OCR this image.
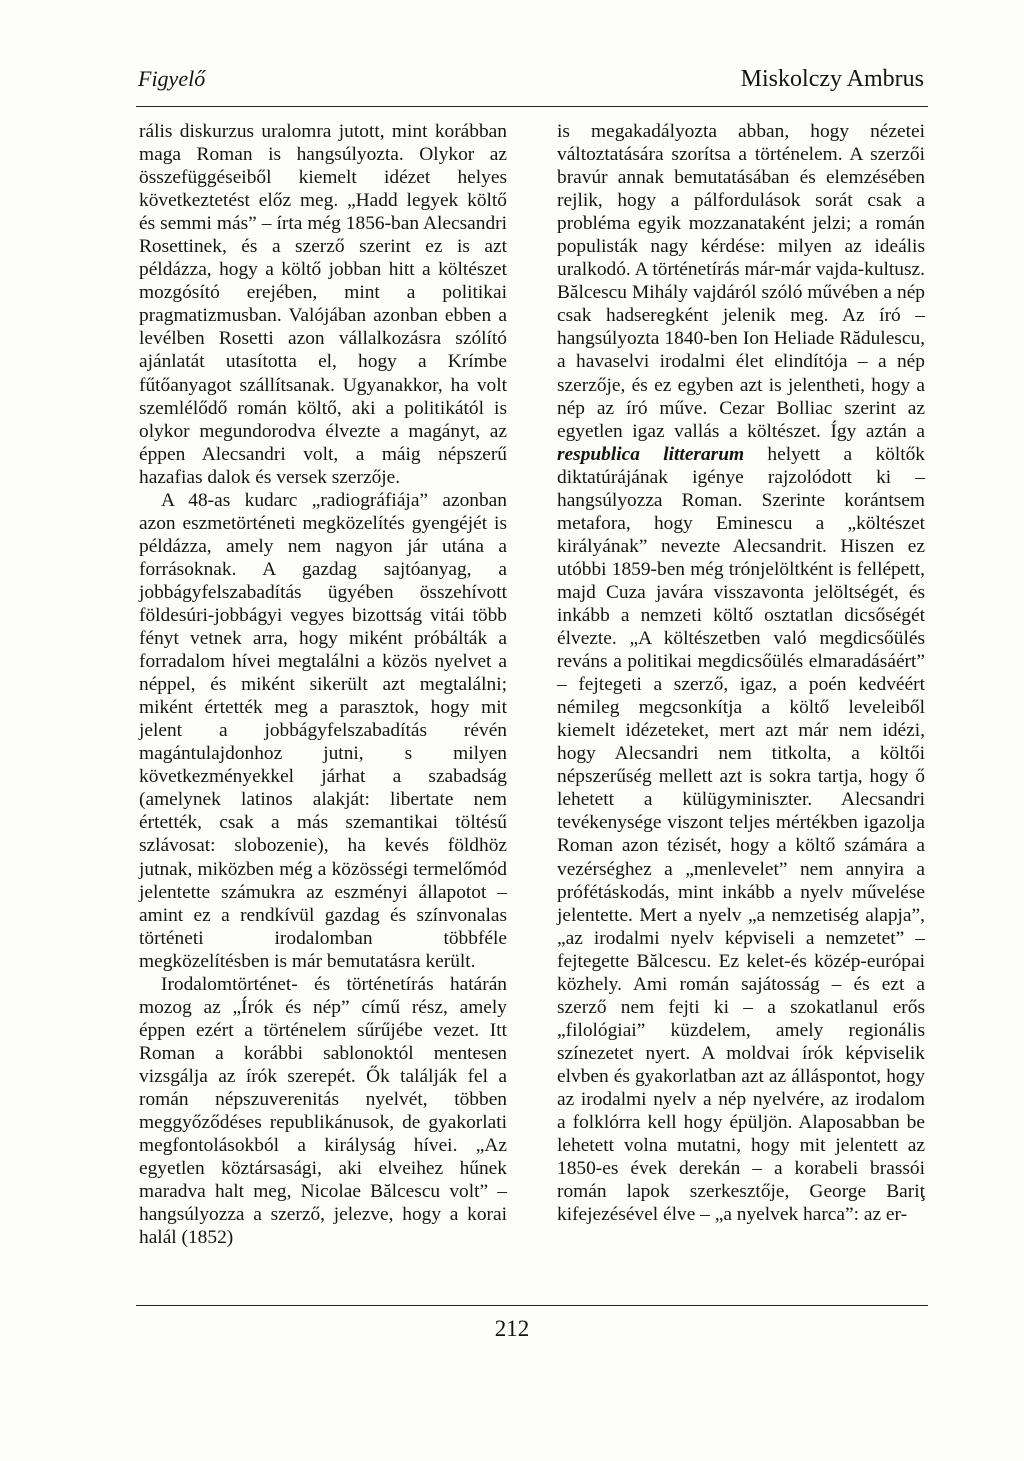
Figyelő	Miskolczy Ambrus

rális diskurzus uralomra jutott, mint korábban maga Roman is hangsúlyozta. Olykor az összefüggéseiből kiemelt idézet helyes következtetést előz meg. „Hadd legyek költő és semmi más” – írta még 1856-ban Alecsandri Rosettinek, és a szerző szerint ez is azt példázza, hogy a költő jobban hitt a költészet mozgósító erejében, mint a politikai pragmatizmusban. Valójában azonban ebben a levélben Rosetti azon vállalkozásra szólító ajánlatát utasította el, hogy a Krímbe fűtőanyagot szállítsanak. Ugyanakkor, ha volt szemlélődő román költő, aki a politikától is olykor megundorodva élvezte a magányt, az éppen Alecsandri volt, a máig népszerű hazafias dalok és versek szerzője.

A 48-as kudarc „radiográfiája” azonban azon eszmetörténeti megközelítés gyengéjét is példázza, amely nem nagyon jár utána a forrásoknak. A gazdag sajtóanyag, a jobbágyfelszabadítás ügyében összehívott földesúri-jobbágyi vegyes bizottság vitái több fényt vetnek arra, hogy miként próbálták a forradalom hívei megtalálni a közös nyelvet a néppel, és miként sikerült azt megtalálni; miként értették meg a parasztok, hogy mit jelent a jobbágyfelszabadítás révén magántulajdonhoz jutni, s milyen következményekkel járhat a szabadság (amelynek latinos alakját: libertate nem értették, csak a más szemantikai töltésű szlávosat: slobozenie), ha kevés földhöz jutnak, miközben még a közösségi termelőmód jelentette számukra az eszményi állapotot – amint ez a rendkívül gazdag és színvonalas történeti irodalomban többféle megközelítésben is már bemutatásra került.

Irodalomtörténet- és történetírás határán mozog az „Írók és nép” című rész, amely éppen ezért a történelem sűrűjébe vezet. Itt Roman a korábbi sablonoktól mentesen vizsgálja az írók szerepét. Ők találják fel a román népszuverenitás nyelvét, többen meggyőződéses republikánusok, de gyakorlati megfontolásokból a királyság hívei. „Az egyetlen köztársasági, aki elveihez hűnek maradva halt meg, Nicolae Bălcescu volt” – hangsúlyozza a szerző, jelezve, hogy a korai halál (1852)

is megakadályozta abban, hogy nézetei változtatására szorítsa a történelem. A szerzői bravúr annak bemutatásában és elemzésében rejlik, hogy a pálfordulások sorát csak a probléma egyik mozzanataként jelzi; a román populisták nagy kérdése: milyen az ideális uralkodó. A történetírás már-már vajda-kultusz. Bălcescu Mihály vajdáról szóló művében a nép csak hadseregként jelenik meg. Az író – hangsúlyozta 1840-ben Ion Heliade Rădulescu, a havaselvi irodalmi élet elindítója – a nép szerzője, és ez egyben azt is jelentheti, hogy a nép az író műve. Cezar Bolliac szerint az egyetlen igaz vallás a költészet. Így aztán a respublica litterarum helyett a költők diktatúrájának igénye rajzolódott ki – hangsúlyozza Roman. Szerinte korántsem metafora, hogy Eminescu a „költészet királyának” nevezte Alecsandrit. Hiszen ez utóbbi 1859-ben még trónjelöltként is fellépett, majd Cuza javára visszavonta jelöltségét, és inkább a nemzeti költő osztatlan dicsőségét élvezte. „A költészetben való megdicsőülés reváns a politikai megdicsőülés elmaradásáért” – fejtegeti a szerző, igaz, a poén kedvéért némileg megcsonkítja a költő leveleiből kiemelt idézeteket, mert azt már nem idézi, hogy Alecsandri nem titkolta, a költői népszerűség mellett azt is sokra tartja, hogy ő lehetett a külügyminiszter. Alecsandri tevékenysége viszont teljes mértékben igazolja Roman azon tézisét, hogy a költő számára a vezérséghez a „menlevelet” nem annyira a prófétáskodás, mint inkább a nyelv művelése jelentette. Mert a nyelv „a nemzetiség alapja”, „az irodalmi nyelv képviseli a nemzetet” – fejtegette Bălcescu. Ez kelet-és közép-európai közhely. Ami román sajátosság – és ezt a szerző nem fejti ki – a szokatlanul erős „filológiai” küzdelem, amely regionális színezetet nyert. A moldvai írók képviselik elvben és gyakorlatban azt az álláspontot, hogy az irodalmi nyelv a nép nyelvére, az irodalom a folklórra kell hogy épüljön. Alaposabban be lehetett volna mutatni, hogy mit jelentett az 1850-es évek derekán – a korabeli brassói román lapok szerkesztője, George Bariţ kifejezésével élve – „a nyelvek harca”: az er-

212
